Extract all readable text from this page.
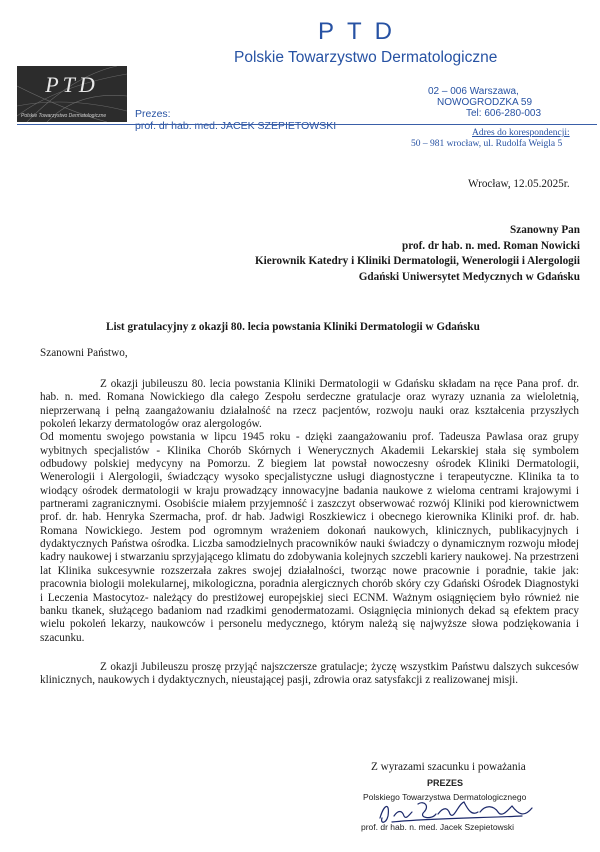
PTD
Polskie Towarzystwo Dermatologiczne
PTD
Polskie Towarzystwo Dermatologiczne	Prezes:
prof. dr hab. med. JACEK SZEPIETOWSKI
02 – 006 Warszawa,
NOWOGRODZKA 59
Tel: 606-280-003
Adres do korespondencji:
50 – 981 wrocław, ul. Rudolfa Weigla 5
Wrocław, 12.05.2025r.
Szanowny Pan
prof. dr hab. n. med. Roman Nowicki
Kierownik Katedry i Kliniki Dermatologii, Wenerologii i Alergologii
Gdański Uniwersytet Medycznych w Gdańsku
List gratulacyjny z okazji 80. lecia powstania Kliniki Dermatologii w Gdańsku
Szanowni Państwo,

Z okazji jubileuszu 80. lecia powstania Kliniki Dermatologii w Gdańsku składam na ręce Pana prof. dr. hab. n. med. Romana Nowickiego dla całego Zespołu serdeczne gratulacje oraz wyrazy uznania za wieloletnią, nieprzerwaną i pełną zaangażowaniu działalność na rzecz pacjentów, rozwoju nauki oraz kształcenia przyszłych pokoleń lekarzy dermatologów oraz alergologów.

Od momentu swojego powstania w lipcu 1945 roku - dzięki zaangażowaniu prof. Tadeusza Pawlasa oraz grupy wybitnych specjalistów - Klinika Chorób Skórnych i Wenerycznych Akademii Lekarskiej stała się symbolem odbudowy polskiej medycyny na Pomorzu. Z biegiem lat powstał nowoczesny ośrodek Kliniki Dermatologii, Wenerologii i Alergologii, świadczący wysoko specjalistyczne usługi diagnostyczne i terapeutyczne. Klinika ta to wiodący ośrodek dermatologii w kraju prowadzący innowacyjne badania naukowe z wieloma centrami krajowymi i partnerami zagranicznymi. Osobiście miałem przyjemność i zaszczyt obserwować rozwój Kliniki pod kierownictwem prof. dr. hab. Henryka Szermacha, prof. dr hab. Jadwigi Roszkiewicz i obecnego kierownika Kliniki prof. dr. hab. Romana Nowickiego. Jestem pod ogromnym wrażeniem dokonań naukowych, klinicznych, publikacyjnych i dydaktycznych Państwa ośrodka. Liczba samodzielnych pracowników nauki świadczy o dynamicznym rozwoju młodej kadry naukowej i stwarzaniu sprzyjającego klimatu do zdobywania kolejnych szczebli kariery naukowej. Na przestrzeni lat Klinika sukcesywnie rozszerzała zakres swojej działalności, tworząc nowe pracownie i poradnie, takie jak: pracownia biologii molekularnej, mikologiczna, poradnia alergicznych chorób skóry czy Gdański Ośrodek Diagnostyki i Leczenia Mastocytoz- należący do prestiżowej europejskiej sieci ECNM. Ważnym osiągnięciem było również nie banku tkanek, służącego badaniom nad rzadkimi genodermatozami. Osiągnięcia minionych dekad są efektem pracy wielu pokoleń lekarzy, naukowców i personelu medycznego, którym należą się najwyższe słowa podziękowania i szacunku.

Z okazji Jubileuszu proszę przyjąć najszczersze gratulacje; życzę wszystkim Państwu dalszych sukcesów klinicznych, naukowych i dydaktycznych, nieustającej pasji, zdrowia oraz satysfakcji z realizowanej misji.

Z wyrazami szacunku i poważania
PREZES
Polskiego Towarzystwa Dermatologicznego
prof. dr hab. n. med. Jacek Szepietowski
